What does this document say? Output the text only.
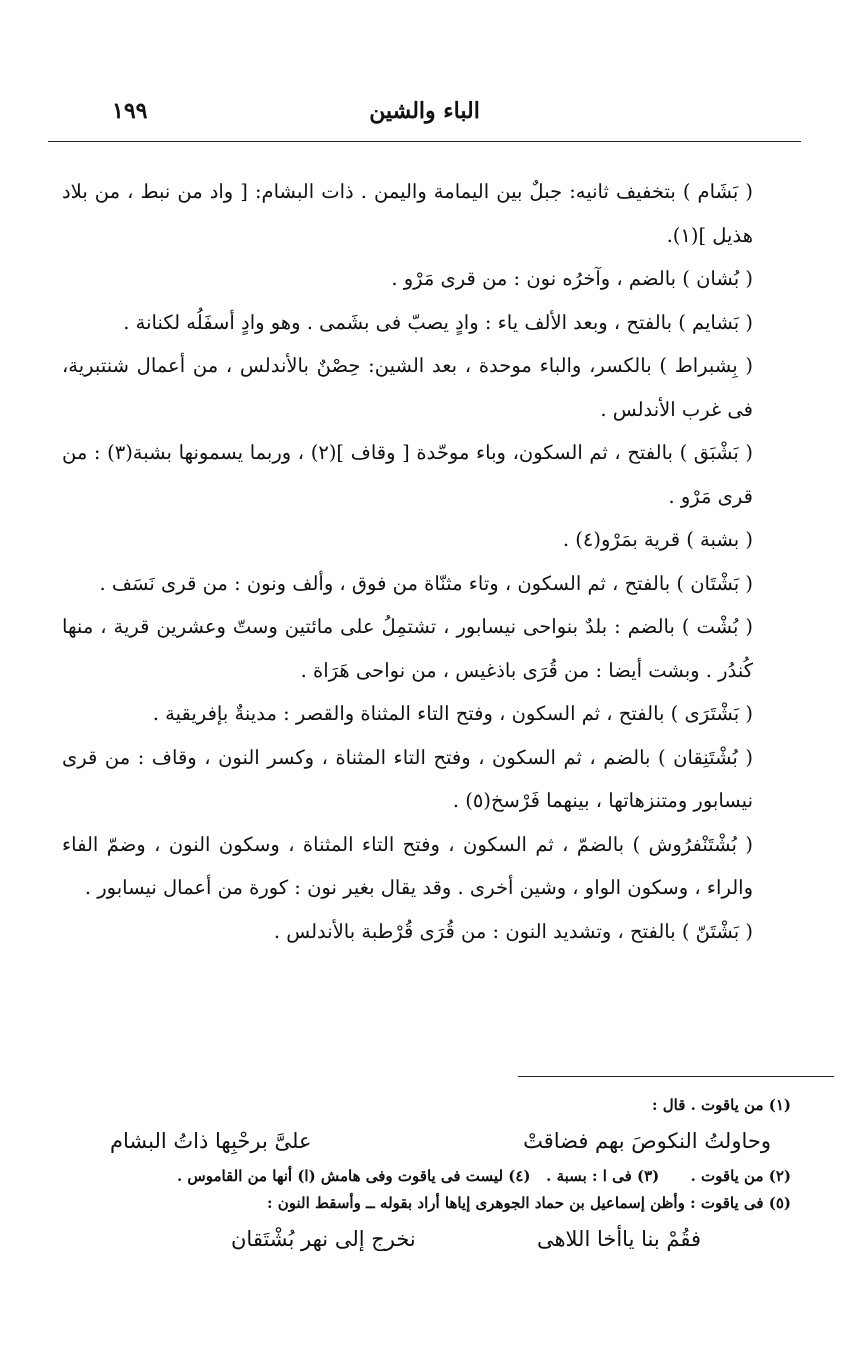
الباء والشين
١٩٩

( بَشَام ) بتخفيف ثانيه: جبلٌ بين اليمامة واليمن . ذات البشام: [ واد من نبط ، من بلاد هذيل ](١).

( بُشان ) بالضم ، وآخرُه نون : من قرى مَرْو .

( بَشايم ) بالفتح ، وبعد الألف ياء : وادٍ يصبّ فى بشَمى . وهو وادٍ أسفَلُه لكنانة .

( بِشبراط ) بالكسر، والباء موحدة ، بعد الشين: حِصْنٌ بالأندلس ، من أعمال شنتبرية، فى غرب الأندلس .

( بَشْبَق ) بالفتح ، ثم السكون، وباء موحّدة [ وقاف ](٢) ، وربما يسمونها بشبة(٣) : من قرى مَرْو .

( بشبة ) قرية بمَرْو(٤) .

( بَشْتَان ) بالفتح ، ثم السكون ، وتاء مثنّاة من فوق ، وألف ونون : من قرى نَسَف .

( بُشْت ) بالضم : بلدٌ بنواحى نيسابور ، تشتمِلُ على مائتين وستّ وعشرين قرية ، منها كُندُر . وبشت أيضا : من قُرَى باذغيس ، من نواحى هَرَاة .

( بَشْتَرَى ) بالفتح ، ثم السكون ، وفتح التاء المثناة والقصر : مدينةٌ بإفريقية .

( بُشْتَنِقان ) بالضم ، ثم السكون ، وفتح التاء المثناة ، وكسر النون ، وقاف : من قرى نيسابور ومتنزهاتها ، بينهما فَرْسخ(٥) .

( بُشْتَنْفرُوش ) بالضمّ ، ثم السكون ، وفتح التاء المثناة ، وسكون النون ، وضمّ الفاء والراء ، وسكون الواو ، وشين أخرى . وقد يقال بغير نون : كورة من أعمال نيسابور .

( بَشْتَنّ ) بالفتح ، وتشديد النون : من قُرَى قُرْطبة بالأندلس .

(١) من ياقوت . قال :

وحاولتُ النكوصَ بهم فضاقتْ
علىَّ برحْبِها ذاتُ البشام

(٢) من ياقوت .      (٣) فى ا : بسبة .   (٤) ليست فى ياقوت وفى هامش (ا) أنها من القاموس .

(٥) فى ياقوت : وأظن إسماعيل بن حماد الجوهرى إياها أراد بقوله ــ وأسقط النون :

فقُمْ بنا ياأخا اللاهى
نخرج إلى نهر بُشْتَقان
